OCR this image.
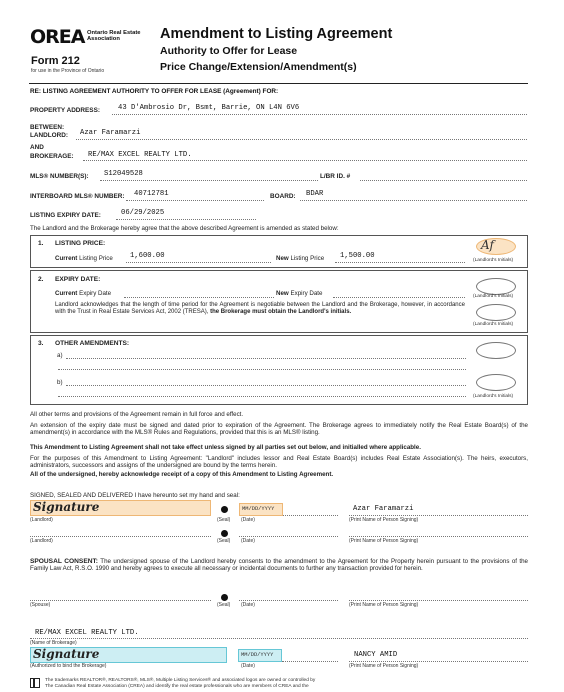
OREA Ontario Real Estate
Association
Form 212
for use in the Province of Ontario
Amendment to Listing Agreement
Authority to Offer for Lease
Price Change/Extension/Amendment(s)
RE: LISTING AGREEMENT AUTHORITY TO OFFER FOR LEASE (Agreement) FOR:
PROPERTY ADDRESS:	43 D'Ambrosio Dr, Bsmt, Barrie, ON L4N 6V6
BETWEEN:
LANDLORD: Azar Faramarzi
AND
BROKERAGE: RE/MAX EXCEL REALTY LTD.
MLS® NUMBER(S): S12049528	L/BR ID. #
INTERBOARD MLS® NUMBER: 40712781	BOARD: BDAR
LISTING EXPIRY DATE:	06/29/2025
The Landlord and the Brokerage hereby agree that the above described Agreement is amended as stated below:
1. LISTING PRICE:
Current Listing Price 1,600.00	New Listing Price 1,500.00
Af
(Landlord's Initials)
2. EXPIRY DATE:
Current Expiry Date	New Expiry Date	(Landlord's Initials)

Landlord acknowledges that the length of time period for the Agreement is negotiable between the Landlord and the Brokerage, however, in accordance with the Trust in Real Estate Services Act, 2002 (TRESA), the Brokerage must obtain the Landlord's initials.

(Landlord's Initials)
3. OTHER AMENDMENTS:
a)
b)
(Landlord's Initials)

All other terms and provisions of the Agreement remain in full force and effect.

An extension of the expiry date must be signed and dated prior to expiration of the Agreement. The Brokerage agrees to immediately notify the Real Estate Board(s) of the amendment(s) in accordance with the MLS® Rules and Regulations, provided that this is an MLS® listing.

This Amendment to Listing Agreement shall not take effect unless signed by all parties set out below, and initialled where applicable.

For the purposes of this Amendment to Listing Agreement: "Landlord" includes lessor and Real Estate Board(s) includes Real Estate Association(s). The heirs, executors, administrators, successors and assigns of the undersigned are bound by the terms herein.

All of the undersigned, hereby acknowledge receipt of a copy of this Amendment to Listing Agreement.

SIGNED, SEALED AND DELIVERED I have hereunto set my hand and seal:
Signature	MM/DD/YYYY	Azar Faramarzi
(Landlord)	(Seal) (Date)	(Print Name of Person Signing)
(Landlord)	(Seal) (Date)	(Print Name of Person Signing)

SPOUSAL CONSENT: The undersigned spouse of the Landlord hereby consents to the amendment to the Agreement for the Property herein pursuant to the provisions of the Family Law Act, R.S.O. 1990 and hereby agrees to execute all necessary or incidental documents to further any transaction provided for herein.

(Spouse)	(Seal) (Date)	(Print Name of Person Signing)
RE/MAX EXCEL REALTY LTD.
(Name of Brokerage)
Signature	MM/DD/YYYY	NANCY AMID
(Authorized to bind the Brokerage)	(Date)	(Print Name of Person Signing)
The trademarks REALTOR®, REALTORS®, MLS®, Multiple Listing Services® and associated logos are owned or controlled by
The Canadian Real Estate Association (CREA) and identify the real estate professionals who are members of CREA and the
